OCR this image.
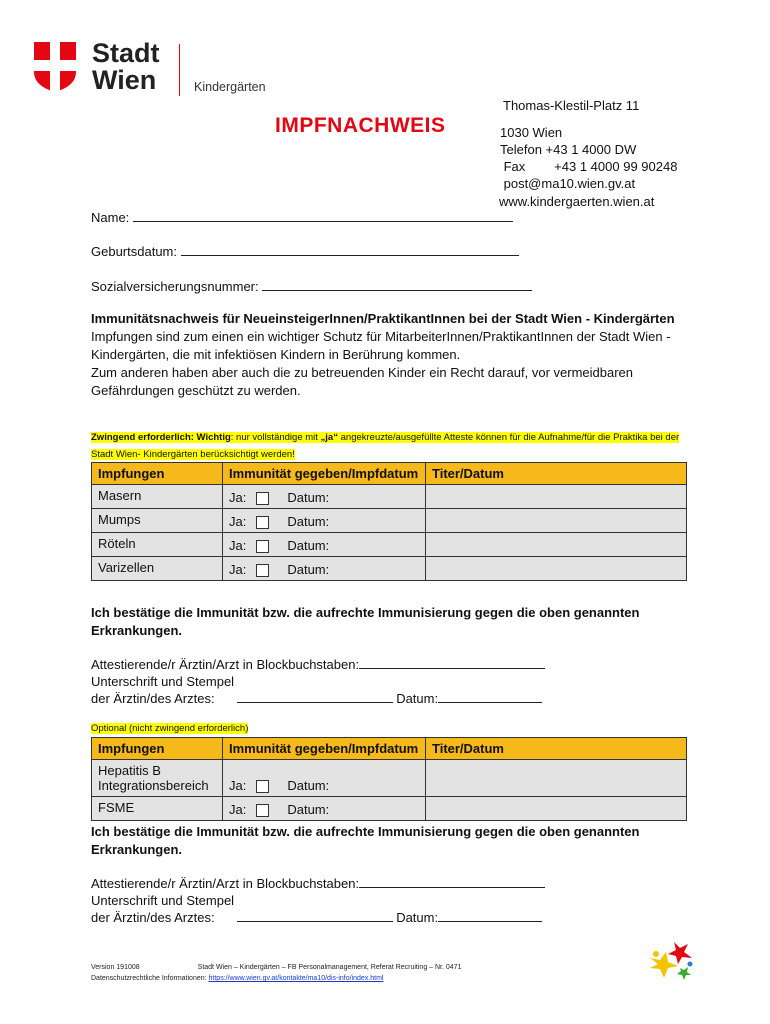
Stadt
Wien	Kindergärten
IMPFNACHWEIS
Thomas-Klestil-Platz 11
1030 Wien
Telefon +43 1 4000 DW
Fax        +43 1 4000 99 90248
post@ma10.wien.gv.at
www.kindergaerten.wien.at
Name:
Geburtsdatum:
Sozialversicherungsnummer:
Immunitätsnachweis für NeueinsteigerInnen/PraktikantInnen bei der Stadt Wien - Kindergärten
Impfungen sind zum einen ein wichtiger Schutz für MitarbeiterInnen/PraktikantInnen der Stadt Wien - Kindergärten, die mit infektiösen Kindern in Berührung kommen.
Zum anderen haben aber auch die zu betreuenden Kinder ein Recht darauf, vor vermeidbaren Gefährdungen geschützt zu werden.
Zwingend erforderlich: Wichtig: nur vollständige mit „ja“ angekreuzte/ausgefüllte Atteste können für die Aufnahme/für die Praktika bei der Stadt Wien- Kindergärten berücksichtigt werden!
Impfungen	Immunität gegeben/Impfdatum	Titer/Datum
Masern	Ja: Datum:	
Mumps	Ja: Datum:	
Röteln	Ja: Datum:	
Varizellen	Ja: Datum:	
Ich bestätige die Immunität bzw. die aufrechte Immunisierung gegen die oben genannten Erkrankungen.
Attestierende/r Ärztin/Arzt in Blockbuchstaben:
Unterschrift und Stempel
der Ärztin/des Arztes:	Datum:
Optional (nicht zwingend erforderlich)
Impfungen	Immunität gegeben/Impfdatum	Titer/Datum
Hepatitis B Integrationsbereich	Ja: Datum:	
FSME	Ja: Datum:	
Ich bestätige die Immunität bzw. die aufrechte Immunisierung gegen die oben genannten Erkrankungen.
Attestierende/r Ärztin/Arzt in Blockbuchstaben:
Unterschrift und Stempel
der Ärztin/des Arztes:	Datum:
Version 191008	Stadt Wien – Kindergärten – FB Personalmanagement, Referat Recruiting – Nr. 0471
Datenschutzrechtliche Informationen: https://www.wien.gv.at/kontakte/ma10/dis-info/index.html
